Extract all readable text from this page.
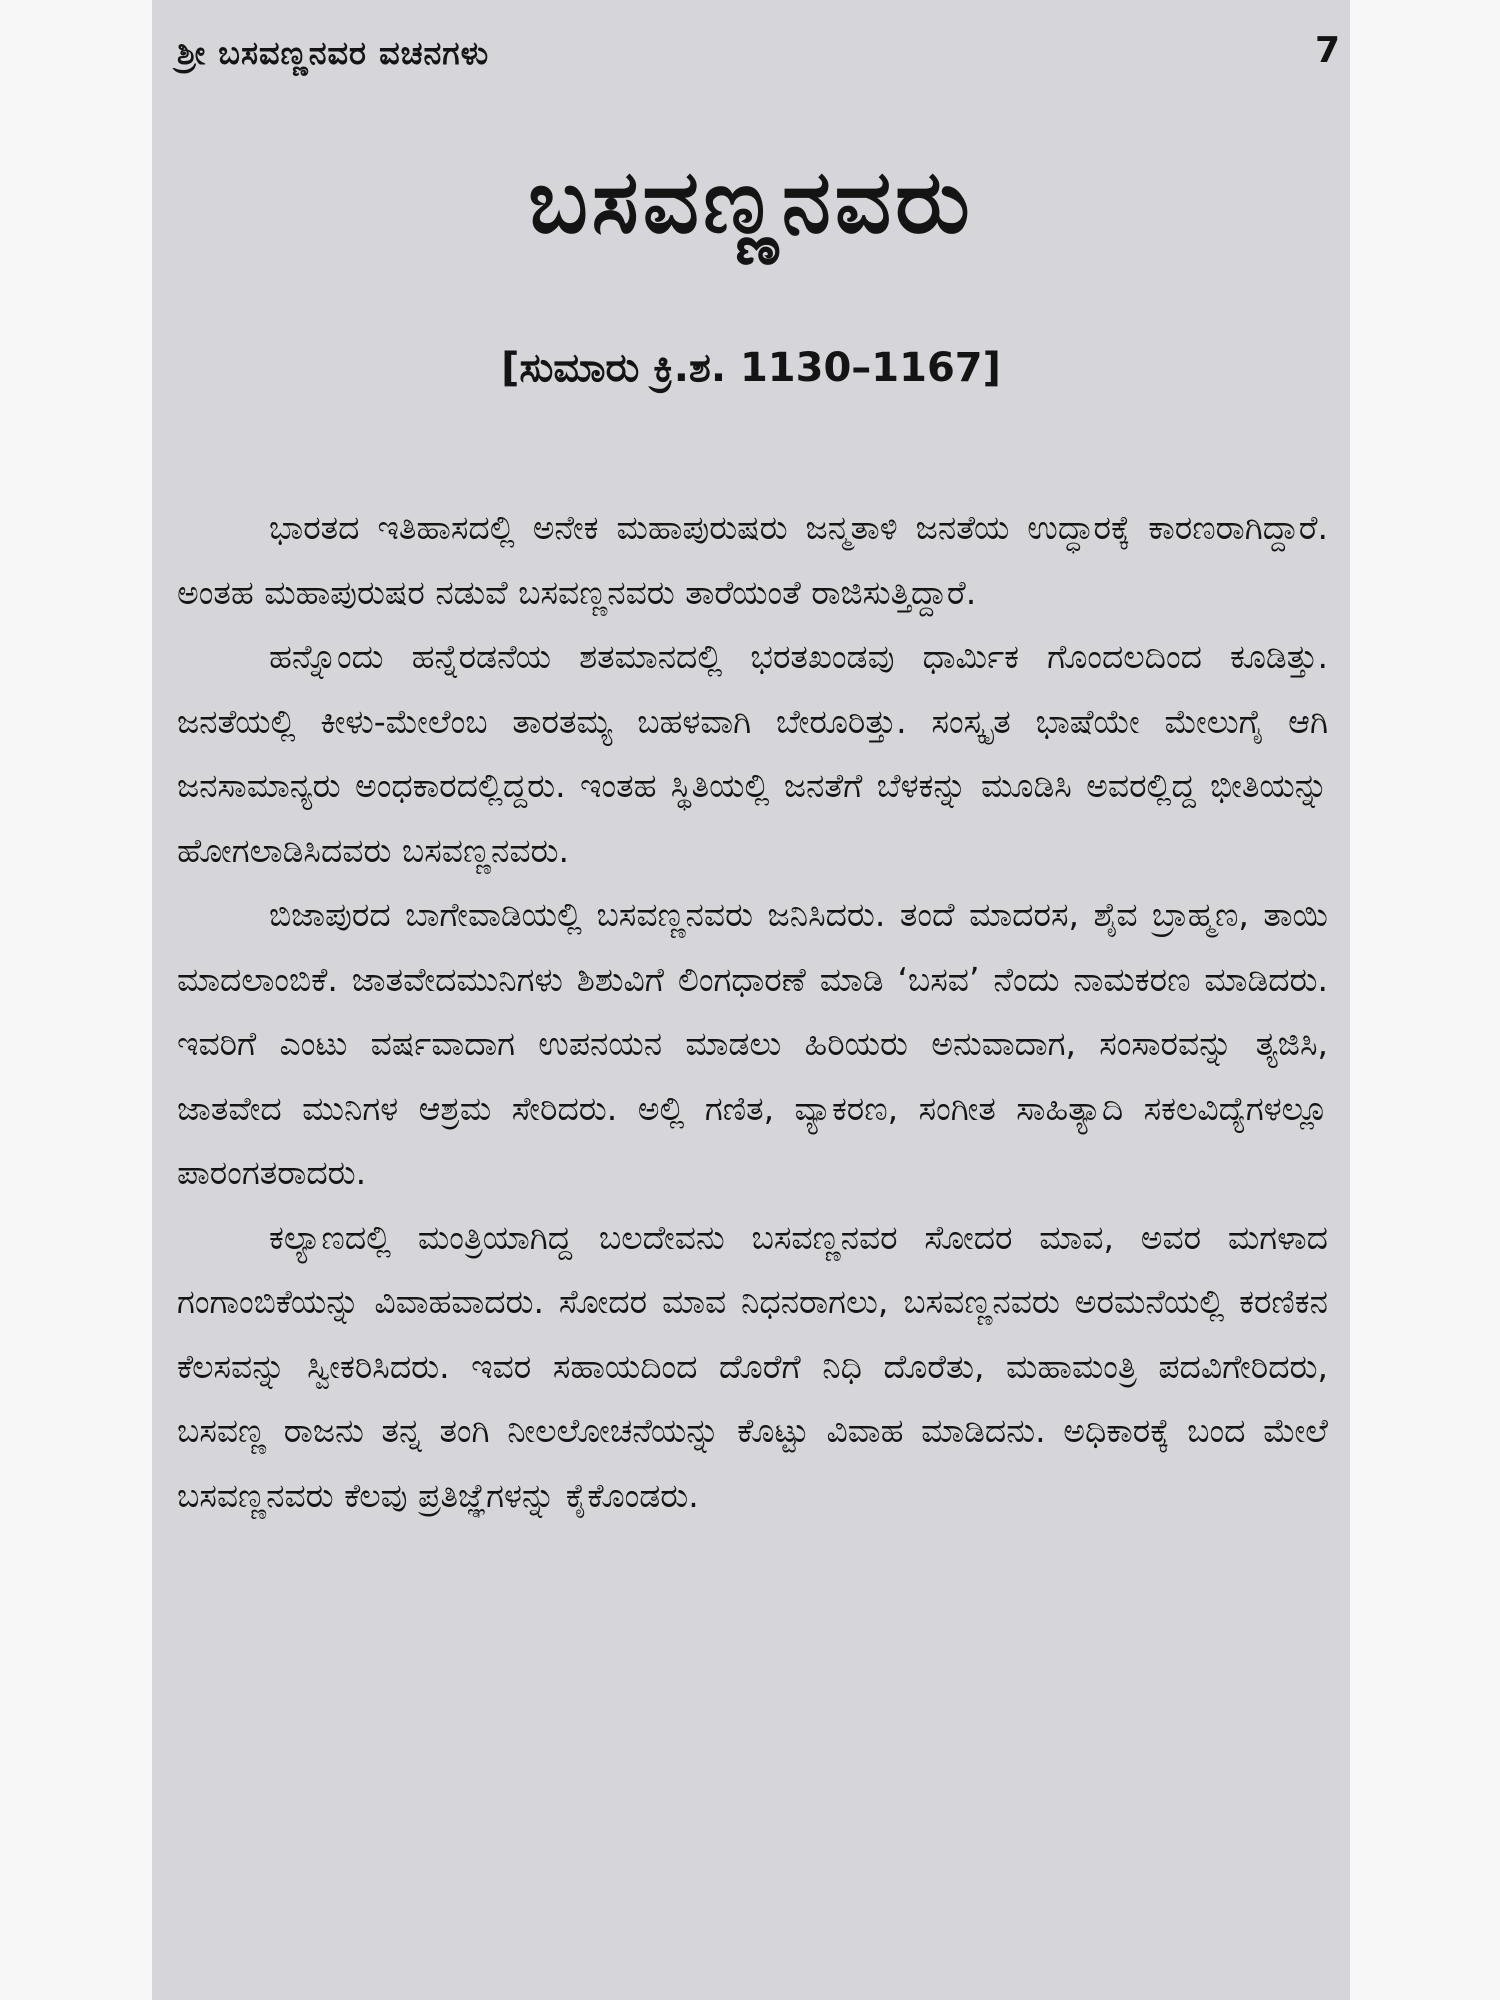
ಶ್ರೀ ಬಸವಣ್ಣನವರ ವಚನಗಳು	7
ಬಸವಣ್ಣನವರು
[ಸುಮಾರು ಕ್ರಿ.ಶ. 1130–1167]

ಭಾರತದ ಇತಿಹಾಸದಲ್ಲಿ ಅನೇಕ ಮಹಾಪುರುಷರು ಜನ್ಮತಾಳಿ ಜನತೆಯ ಉದ್ಧಾರಕ್ಕೆ ಕಾರಣರಾಗಿದ್ದಾರೆ. ಅಂತಹ ಮಹಾಪುರುಷರ ನಡುವೆ ಬಸವಣ್ಣನವರು ತಾರೆಯಂತೆ ರಾಜಿಸುತ್ತಿದ್ದಾರೆ.

ಹನ್ನೊಂದು ಹನ್ನೆರಡನೆಯ ಶತಮಾನದಲ್ಲಿ ಭರತಖಂಡವು ಧಾರ್ಮಿಕ ಗೊಂದಲದಿಂದ ಕೂಡಿತ್ತು. ಜನತೆಯಲ್ಲಿ ಕೀಳು-ಮೇಲೆಂಬ ತಾರತಮ್ಯ ಬಹಳವಾಗಿ ಬೇರೂರಿತ್ತು. ಸಂಸ್ಕೃತ ಭಾಷೆಯೇ ಮೇಲುಗೈ ಆಗಿ ಜನಸಾಮಾನ್ಯರು ಅಂಧಕಾರದಲ್ಲಿದ್ದರು. ಇಂತಹ ಸ್ಥಿತಿಯಲ್ಲಿ ಜನತೆಗೆ ಬೆಳಕನ್ನು ಮೂಡಿಸಿ ಅವರಲ್ಲಿದ್ದ ಭೀತಿಯನ್ನು ಹೋಗಲಾಡಿಸಿದವರು ಬಸವಣ್ಣನವರು.

ಬಿಜಾಪುರದ ಬಾಗೇವಾಡಿಯಲ್ಲಿ ಬಸವಣ್ಣನವರು ಜನಿಸಿದರು. ತಂದೆ ಮಾದರಸ, ಶೈವ ಬ್ರಾಹ್ಮಣ, ತಾಯಿ ಮಾದಲಾಂಬಿಕೆ. ಜಾತವೇದಮುನಿಗಳು ಶಿಶುವಿಗೆ ಲಿಂಗಧಾರಣೆ ಮಾಡಿ ‘ಬಸವ’ ನೆಂದು ನಾಮಕರಣ ಮಾಡಿದರು. ಇವರಿಗೆ ಎಂಟು ವರ್ಷವಾದಾಗ ಉಪನಯನ ಮಾಡಲು ಹಿರಿಯರು ಅನುವಾದಾಗ, ಸಂಸಾರವನ್ನು ತ್ಯಜಿಸಿ, ಜಾತವೇದ ಮುನಿಗಳ ಆಶ್ರಮ ಸೇರಿದರು. ಅಲ್ಲಿ ಗಣಿತ, ವ್ಯಾಕರಣ, ಸಂಗೀತ ಸಾಹಿತ್ಯಾದಿ ಸಕಲವಿದ್ಯೆಗಳಲ್ಲೂ ಪಾರಂಗತರಾದರು.

ಕಲ್ಯಾಣದಲ್ಲಿ ಮಂತ್ರಿಯಾಗಿದ್ದ ಬಲದೇವನು ಬಸವಣ್ಣನವರ ಸೋದರ ಮಾವ, ಅವರ ಮಗಳಾದ ಗಂಗಾಂಬಿಕೆಯನ್ನು ವಿವಾಹವಾದರು. ಸೋದರ ಮಾವ ನಿಧನರಾಗಲು, ಬಸವಣ್ಣನವರು ಅರಮನೆಯಲ್ಲಿ ಕರಣಿಕನ ಕೆಲಸವನ್ನು ಸ್ವೀಕರಿಸಿದರು. ಇವರ ಸಹಾಯದಿಂದ ದೊರೆಗೆ ನಿಧಿ ದೊರೆತು, ಮಹಾಮಂತ್ರಿ ಪದವಿಗೇರಿದರು, ಬಸವಣ್ಣ ರಾಜನು ತನ್ನ ತಂಗಿ ನೀಲಲೋಚನೆಯನ್ನು ಕೊಟ್ಟು ವಿವಾಹ ಮಾಡಿದನು. ಅಧಿಕಾರಕ್ಕೆ ಬಂದ ಮೇಲೆ ಬಸವಣ್ಣನವರು ಕೆಲವು ಪ್ರತಿಜ್ಞೆಗಳನ್ನು ಕೈಕೊಂಡರು.
